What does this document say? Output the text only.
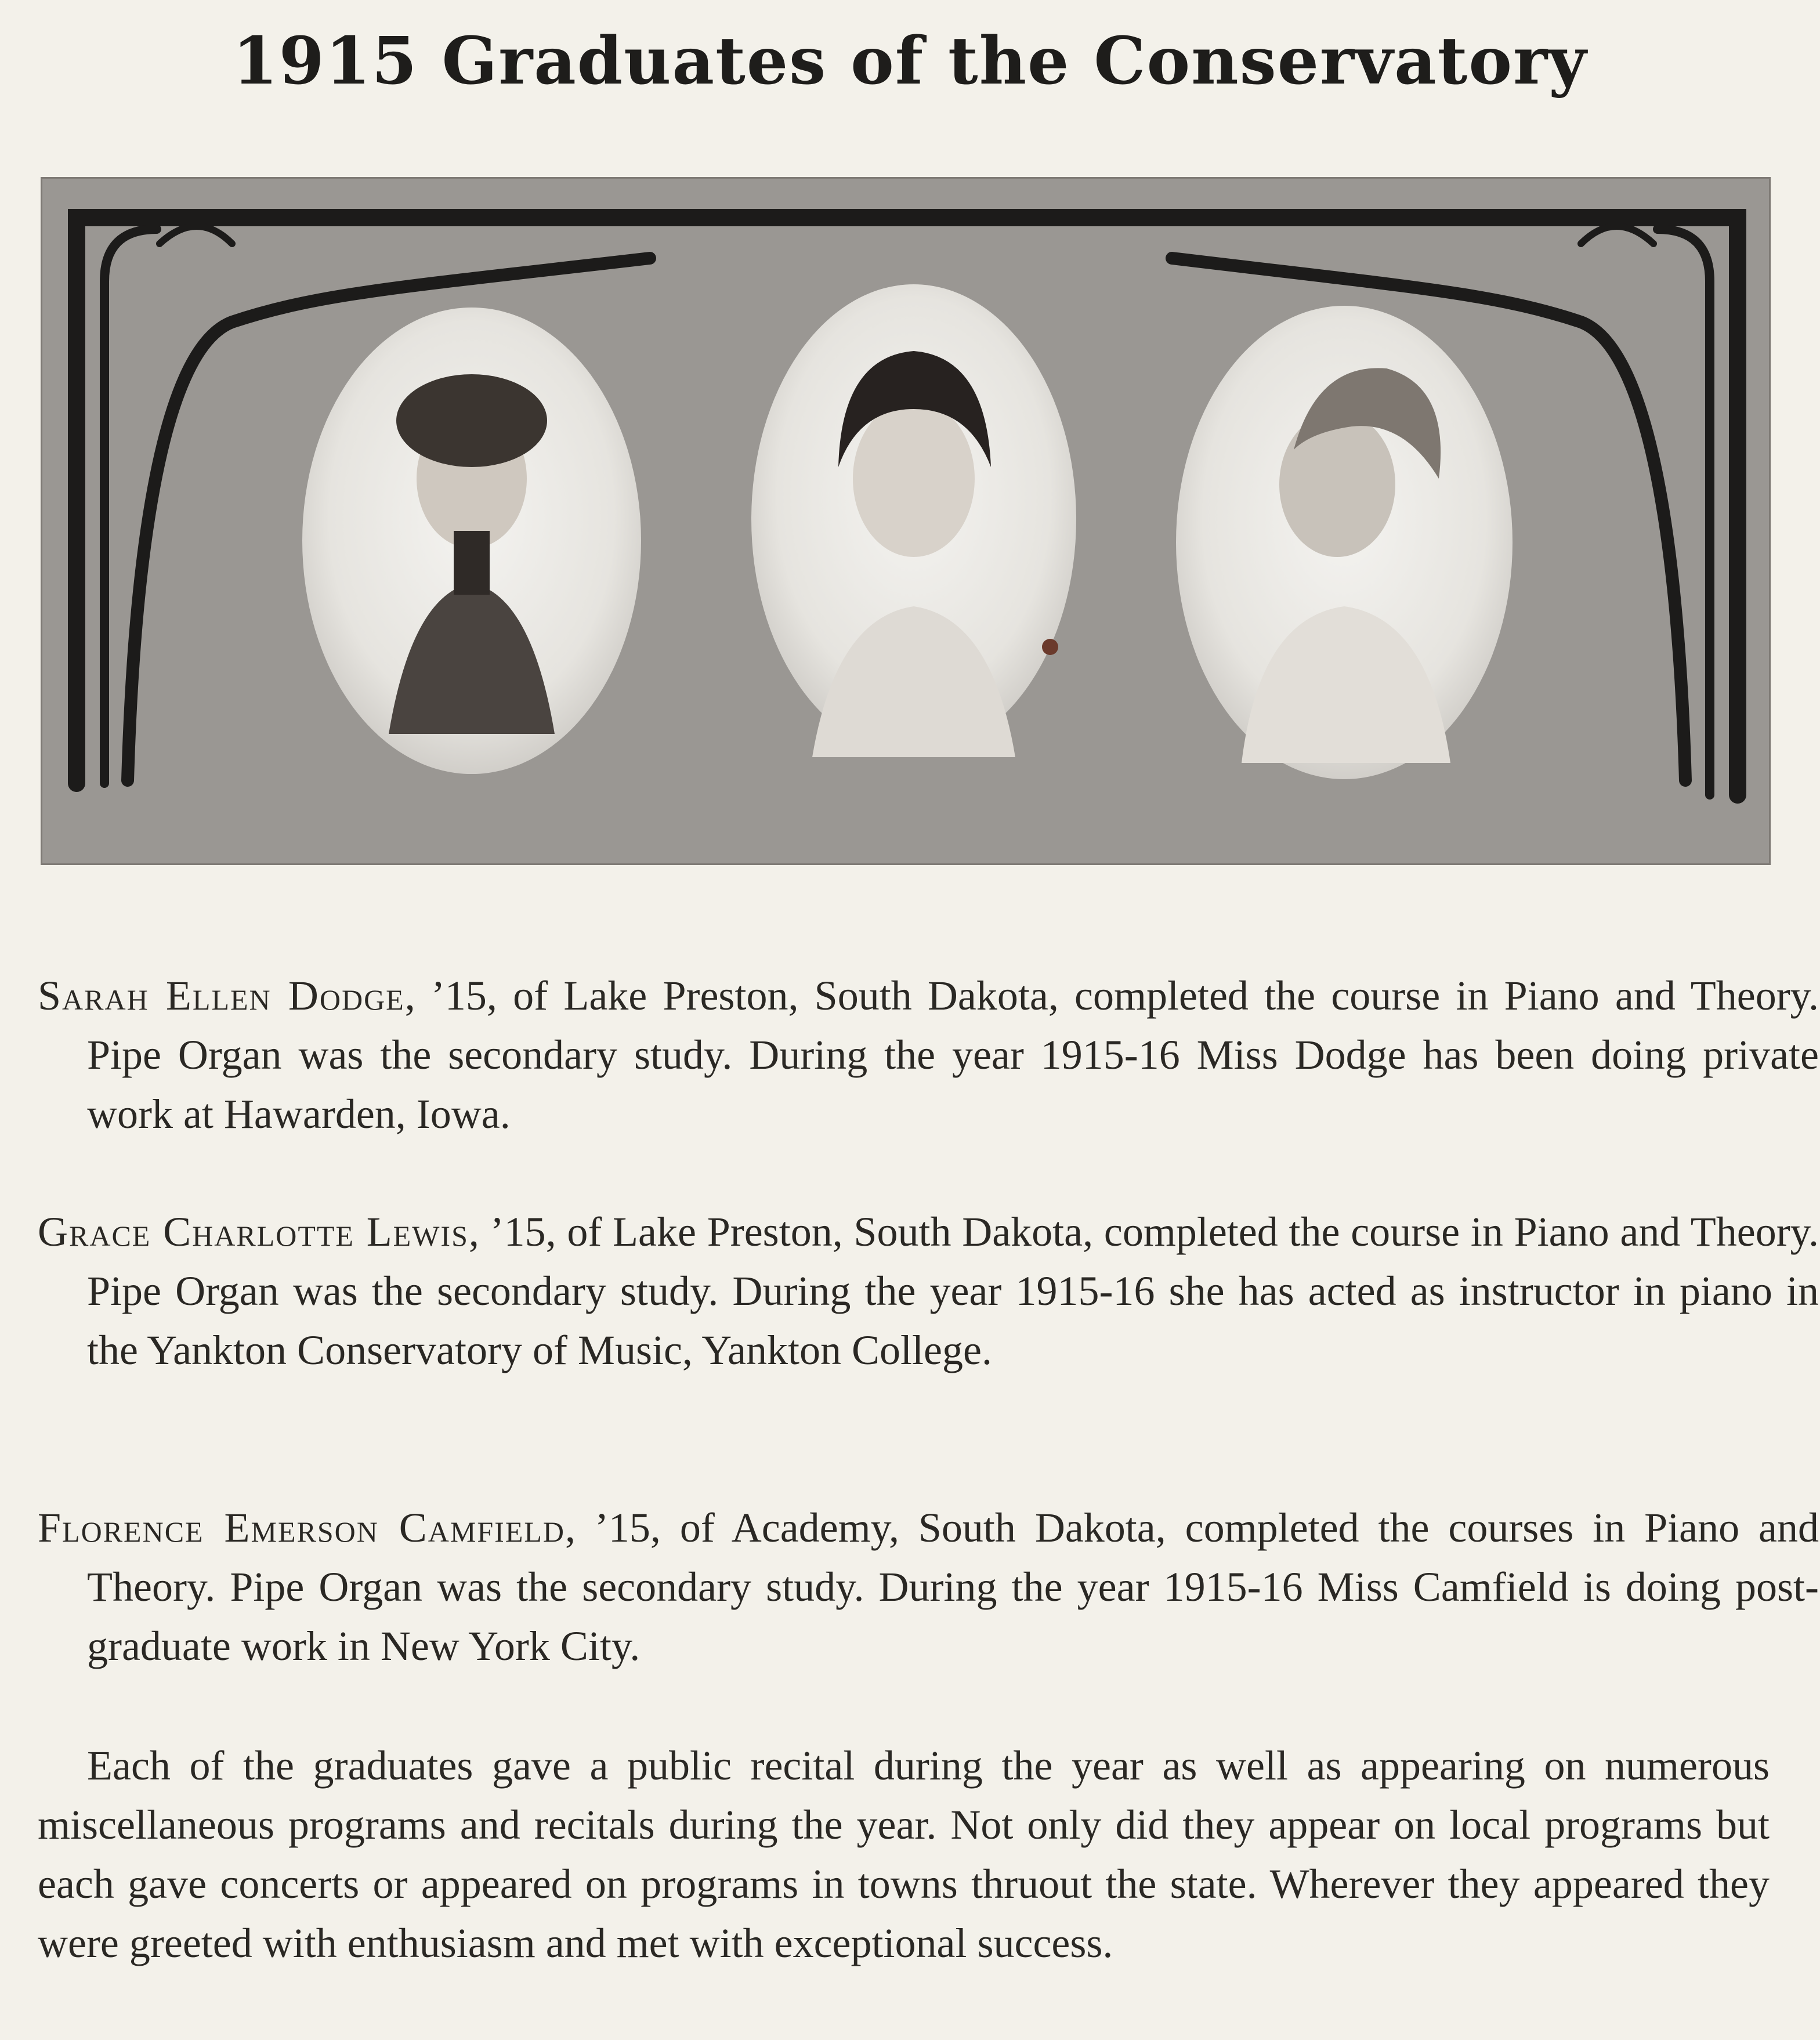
1915 Graduates of the Conservatory
Sarah Ellen Dodge, ’15, of Lake Preston, South Dakota, completed the course in Piano and Theory. Pipe Organ was the secondary study. During the year 1915-16 Miss Dodge has been doing private work at Hawarden, Iowa.
Grace Charlotte Lewis, ’15, of Lake Preston, South Dakota, completed the course in Piano and Theory. Pipe Organ was the secondary study. During the year 1915-16 she has acted as instructor in piano in the Yankton Conservatory of Music, Yankton College.
Florence Emerson Camfield, ’15, of Academy, South Dakota, completed the courses in Piano and Theory. Pipe Organ was the secondary study. During the year 1915-16 Miss Camfield is doing post-graduate work in New York City.
Each of the graduates gave a public recital during the year as well as appearing on numerous miscellaneous programs and recitals during the year. Not only did they appear on local programs but each gave concerts or appeared on programs in towns thruout the state. Wherever they appeared they were greeted with enthusiasm and met with exceptional success.
